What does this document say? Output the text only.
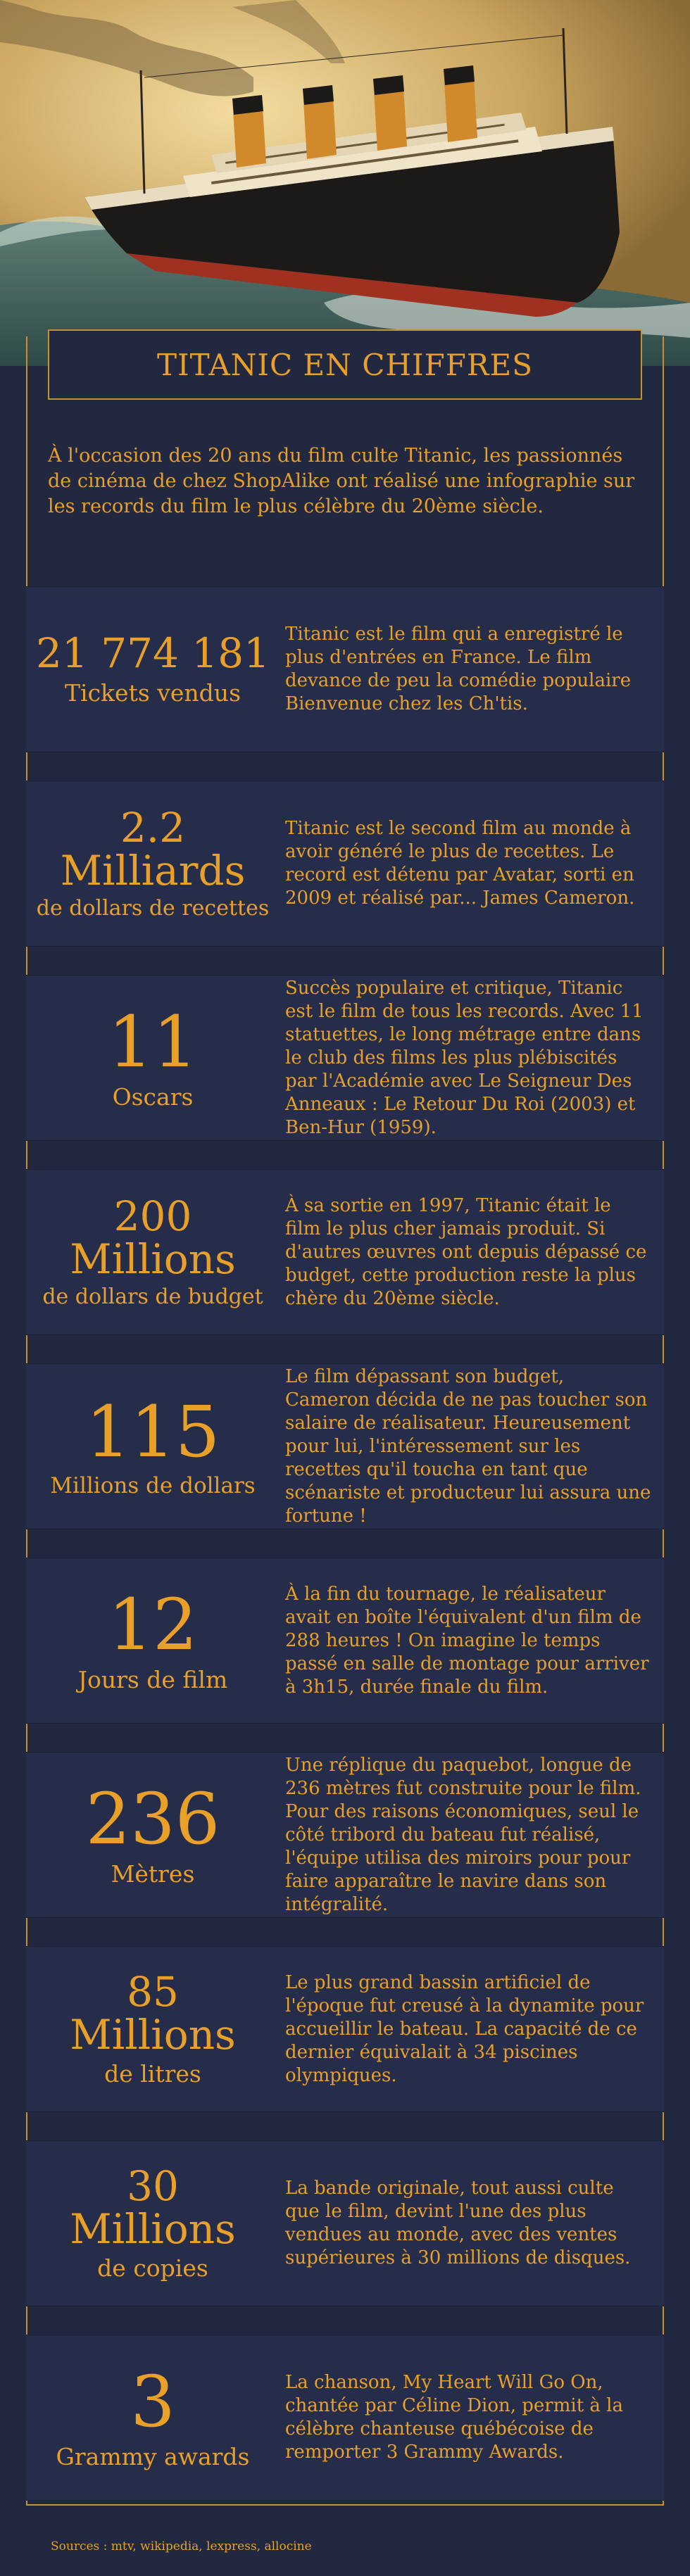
TITANIC EN CHIFFRES
À l'occasion des 20 ans du film culte Titanic, les passionnés de cinéma de chez ShopAlike ont réalisé une infographie sur les records du film le plus célèbre du 20ème siècle.
21 774 181
Tickets vendus
Titanic est le film qui a enregistré le plus d'entrées en France. Le film devance de peu la comédie populaire Bienvenue chez les Ch'tis.
2.2
Milliards
de dollars de recettes
Titanic est le second film au monde à avoir généré le plus de recettes. Le record est détenu par Avatar, sorti en 2009 et réalisé par... James Cameron.
11
Oscars
Succès populaire et critique, Titanic est le film de tous les records. Avec 11 statuettes, le long métrage entre dans le club des films les plus plébiscités par l'Académie avec Le Seigneur Des Anneaux : Le Retour Du Roi (2003) et Ben-Hur (1959).
200
Millions
de dollars de budget
À sa sortie en 1997, Titanic était le film le plus cher jamais produit. Si d'autres œuvres ont depuis dépassé ce budget, cette production reste la plus chère du 20ème siècle.
115
Millions de dollars
Le film dépassant son budget, Cameron décida de ne pas toucher son salaire de réalisateur. Heureusement pour lui, l'intéressement sur les recettes qu'il toucha en tant que scénariste et producteur lui assura une fortune !
12
Jours de film
À la fin du tournage, le réalisateur avait en boîte l'équivalent d'un film de 288 heures ! On imagine le temps passé en salle de montage pour arriver à 3h15, durée finale du film.
236
Mètres
Une réplique du paquebot, longue de 236 mètres fut construite pour le film. Pour des raisons économiques, seul le côté tribord du bateau fut réalisé, l'équipe utilisa des miroirs pour pour faire apparaître le navire dans son intégralité.
85
Millions
de litres
Le plus grand bassin artificiel de l'époque fut creusé à la dynamite pour accueillir le bateau. La capacité de ce dernier équivalait à 34 piscines olympiques.
30
Millions
de copies
La bande originale, tout aussi culte que le film, devint l'une des plus vendues au monde, avec des ventes supérieures à 30 millions de disques.
3
Grammy awards
La chanson, My Heart Will Go On, chantée par Céline Dion, permit à la célèbre chanteuse québécoise de remporter 3 Grammy Awards.
Sources : mtv, wikipedia, lexpress, allocine
